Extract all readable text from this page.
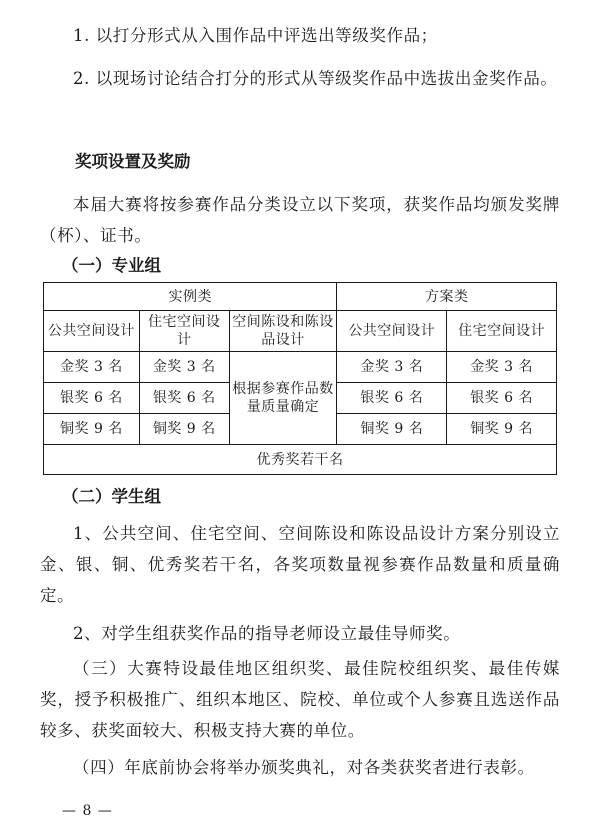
1. 以打分形式从入围作品中评选出等级奖作品；
2. 以现场讨论结合打分的形式从等级奖作品中选拔出金奖作品。
奖项设置及奖励
本届大赛将按参赛作品分类设立以下奖项，获奖作品均颁发奖牌（杯）、证书。
（一）专业组
实例类			方案类	
公共空间设计	住宅空间设计	空间陈设和陈设品设计	公共空间设计	住宅空间设计
金奖 3 名	金奖 3 名	根据参赛作品数量质量确定	金奖 3 名	金奖 3 名
银奖 6 名	银奖 6 名		银奖 6 名	银奖 6 名
铜奖 9 名	铜奖 9 名		铜奖 9 名	铜奖 9 名
优秀奖若干名				
（二）学生组
1、公共空间、住宅空间、空间陈设和陈设品设计方案分别设立金、银、铜、优秀奖若干名，各奖项数量视参赛作品数量和质量确定。
2、对学生组获奖作品的指导老师设立最佳导师奖。
（三）大赛特设最佳地区组织奖、最佳院校组织奖、最佳传媒奖，授予积极推广、组织本地区、院校、单位或个人参赛且选送作品较多、获奖面较大、积极支持大赛的单位。
（四）年底前协会将举办颁奖典礼，对各类获奖者进行表彰。
— 8 —
